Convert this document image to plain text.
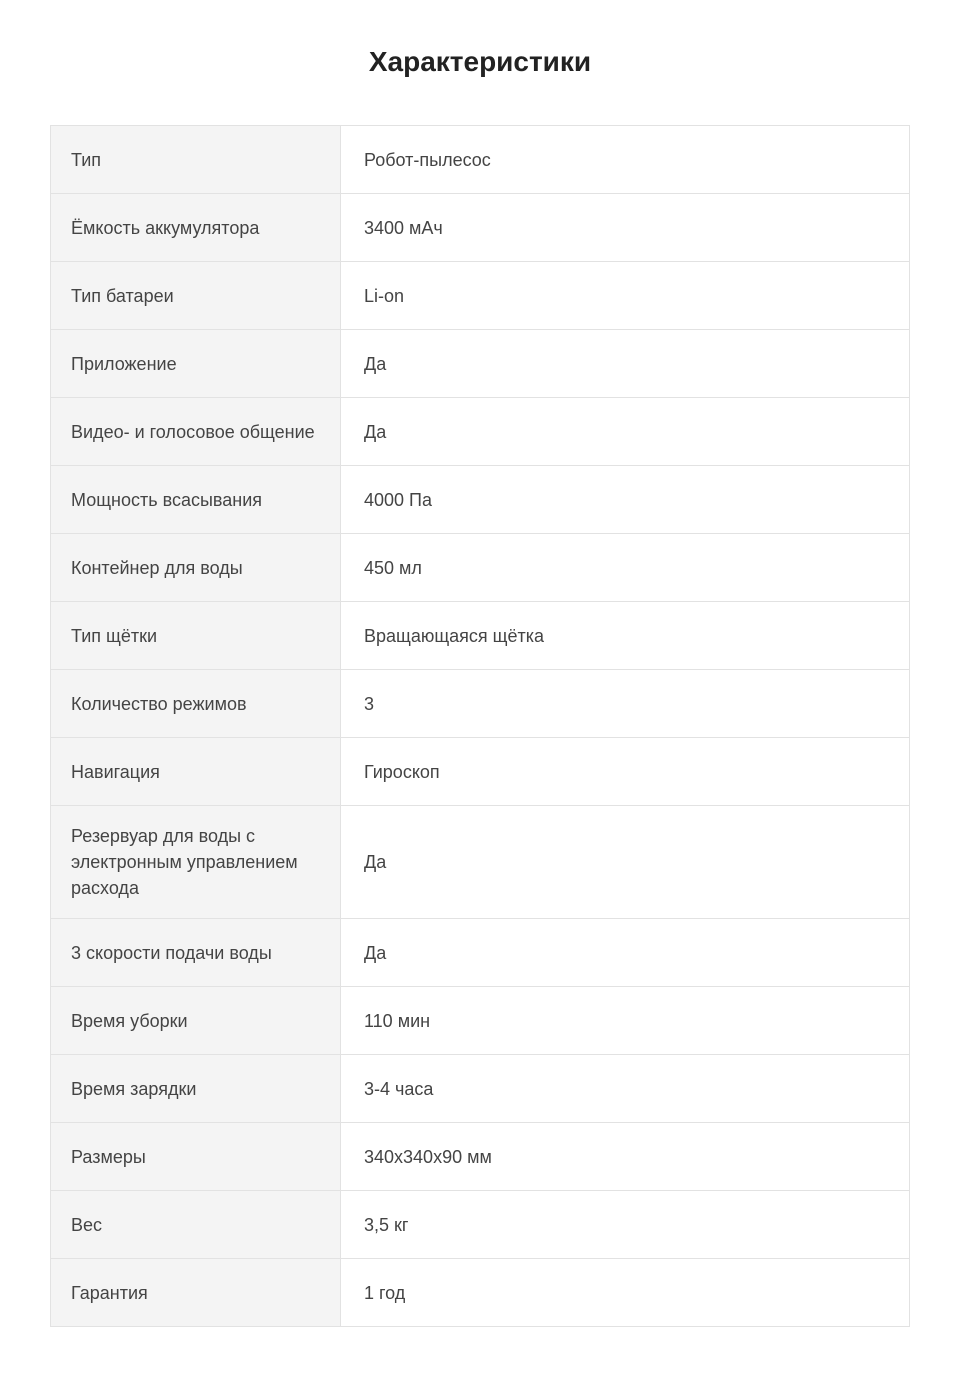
Характеристики
Тип	Робот-пылесос
Ёмкость аккумулятора	3400 мАч
Тип батареи	Li-on
Приложение	Да
Видео- и голосовое общение	Да
Мощность всасывания	4000 Па
Контейнер для воды	450 мл
Тип щётки	Вращающаяся щётка
Количество режимов	3
Навигация	Гироскоп
Резервуар для воды с электронным управлением расхода	Да
3 скорости подачи воды	Да
Время уборки	110 мин
Время зарядки	3-4 часа
Размеры	340x340x90 мм
Вес	3,5 кг
Гарантия	1 год
